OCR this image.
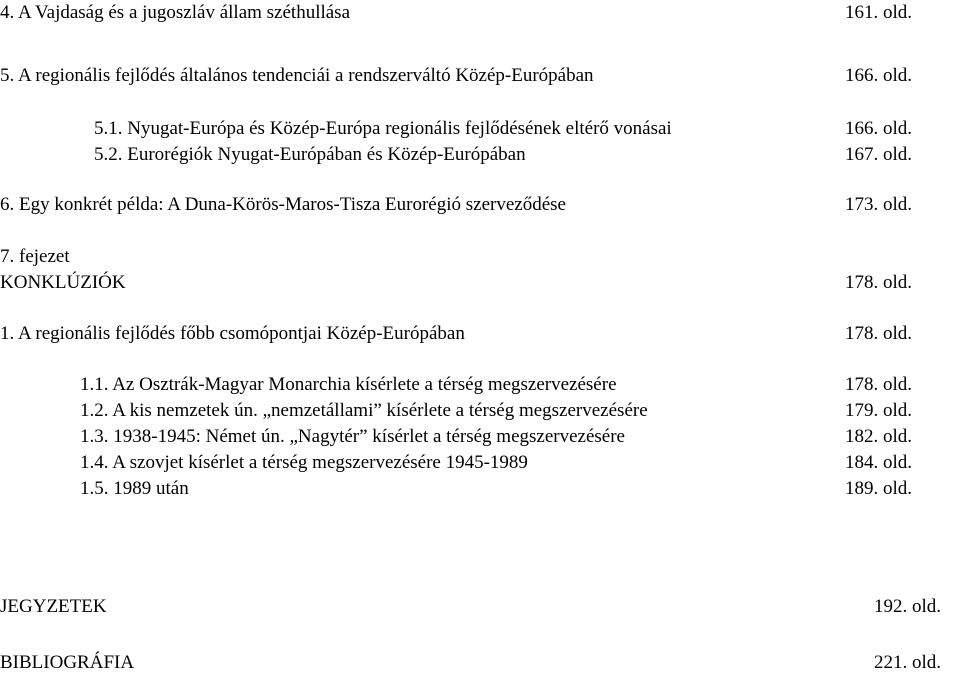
4. A Vajdaság és a jugoszláv állam széthullása	161. old.
5. A regionális fejlődés általános tendenciái a rendszerváltó Közép-Európában	166. old.
5.1. Nyugat-Európa és Közép-Európa regionális fejlődésének eltérő vonásai	166. old.
5.2. Eurorégiók Nyugat-Európában és Közép-Európában	167. old.
6. Egy konkrét példa: A Duna-Körös-Maros-Tisza Eurorégió szerveződése	173. old.
7. fejezet
KONKLÚZIÓK	178. old.
1. A regionális fejlődés főbb csomópontjai Közép-Európában	178. old.
1.1. Az Osztrák-Magyar Monarchia kísérlete a térség megszervezésére	178. old.
1.2. A kis nemzetek ún. „nemzetállami” kísérlete a térség megszervezésére	179. old.
1.3. 1938-1945: Német ún. „Nagytér” kísérlet a térség megszervezésére	182. old.
1.4. A szovjet kísérlet a térség megszervezésére 1945-1989	184. old.
1.5. 1989 után	189. old.
JEGYZETEK	192. old.
BIBLIOGRÁFIA	221. old.
